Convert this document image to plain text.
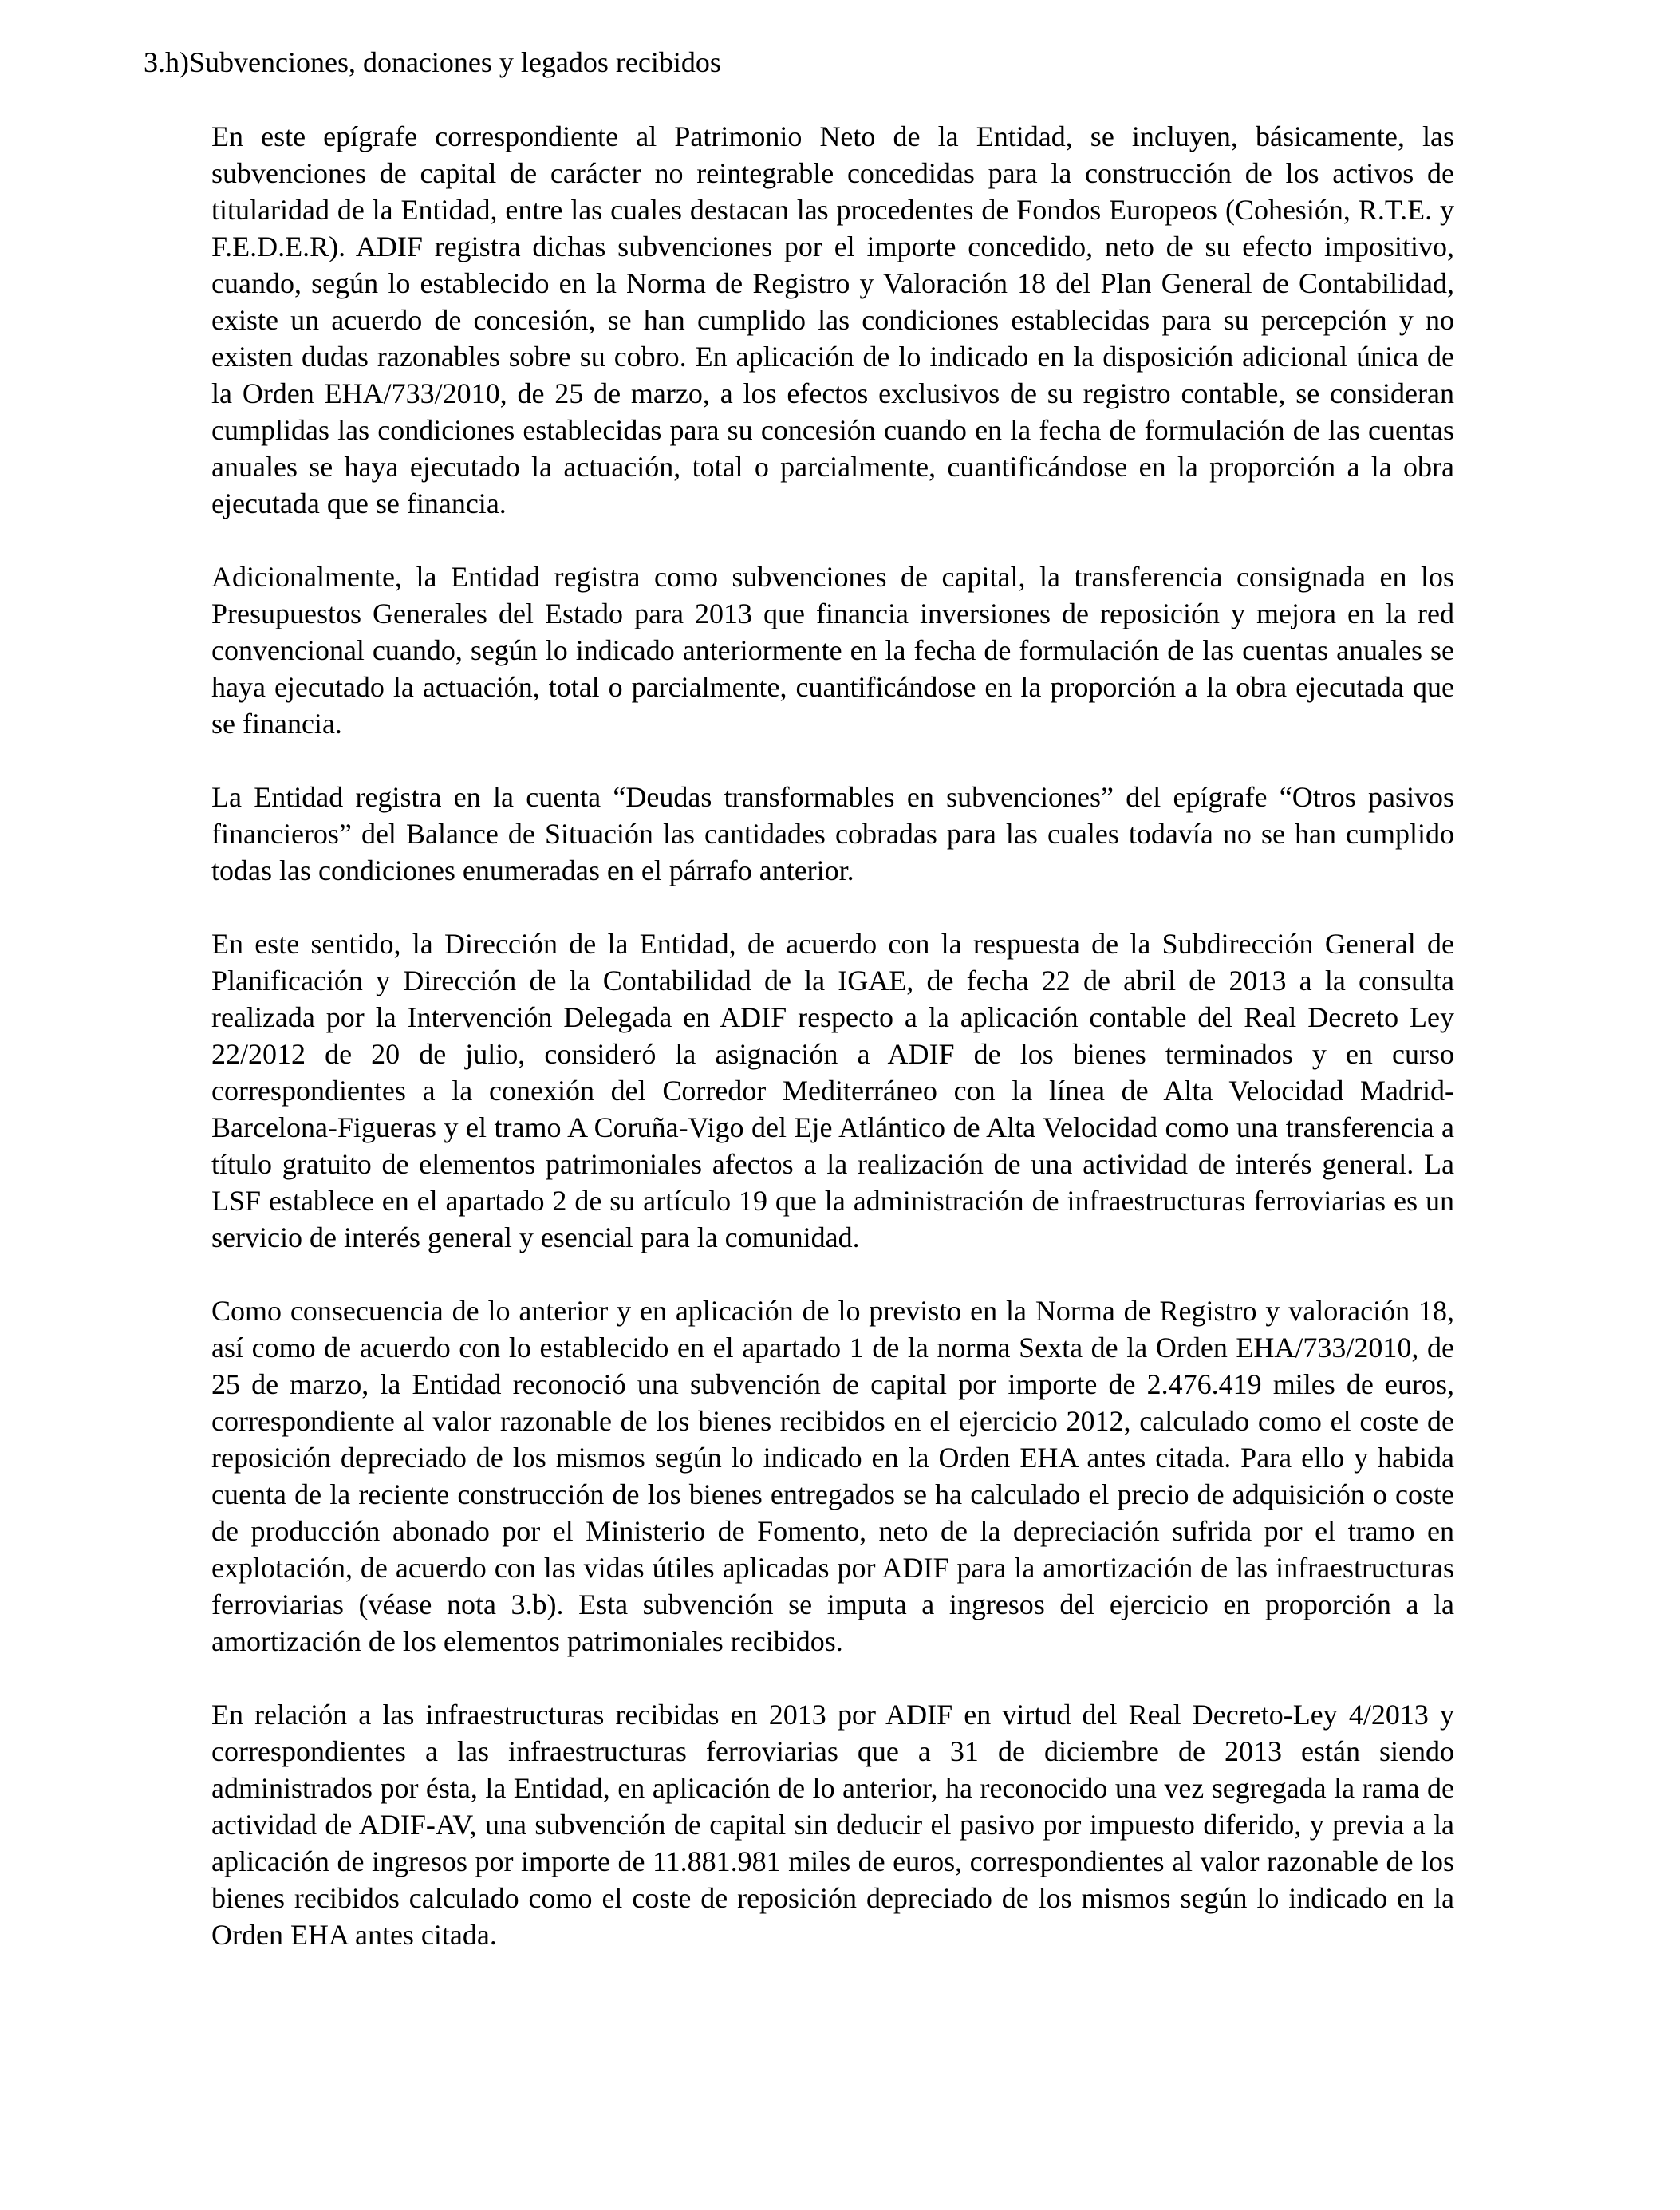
3.h)Subvenciones, donaciones y legados recibidos

En este epígrafe correspondiente al Patrimonio Neto de la Entidad, se incluyen, básicamente, las subvenciones de capital de carácter no reintegrable concedidas para la construcción de los activos de titularidad de la Entidad, entre las cuales destacan las procedentes de Fondos Europeos (Cohesión, R.T.E. y F.E.D.E.R). ADIF registra dichas subvenciones por el importe concedido, neto de su efecto impositivo, cuando, según lo establecido en la Norma de Registro y Valoración 18 del Plan General de Contabilidad, existe un acuerdo de concesión, se han cumplido las condiciones establecidas para su percepción y no existen dudas razonables sobre su cobro. En aplicación de lo indicado en la disposición adicional única de la Orden EHA/733/2010, de 25 de marzo, a los efectos exclusivos de su registro contable, se consideran cumplidas las condiciones establecidas para su concesión cuando en la fecha de formulación de las cuentas anuales se haya ejecutado la actuación, total o parcialmente, cuantificándose en la proporción a la obra ejecutada que se financia.

Adicionalmente, la Entidad registra como subvenciones de capital, la transferencia consignada en los Presupuestos Generales del Estado para 2013 que financia inversiones de reposición y mejora en la red convencional cuando, según lo indicado anteriormente en la fecha de formulación de las cuentas anuales se haya ejecutado la actuación, total o parcialmente, cuantificándose en la proporción a la obra ejecutada que se financia.

La Entidad registra en la cuenta “Deudas transformables en subvenciones” del epígrafe “Otros pasivos financieros” del Balance de Situación las cantidades cobradas para las cuales todavía no se han cumplido todas las condiciones enumeradas en el párrafo anterior.

En este sentido, la Dirección de la Entidad, de acuerdo con la respuesta de la Subdirección General de Planificación y Dirección de la Contabilidad de la IGAE, de fecha 22 de abril de 2013 a la consulta realizada por la Intervención Delegada en ADIF respecto a la aplicación contable del Real Decreto Ley 22/2012 de 20 de julio, consideró la asignación a ADIF de los bienes terminados y en curso correspondientes a la conexión del Corredor Mediterráneo con la línea de Alta Velocidad Madrid-Barcelona-Figueras y el tramo A Coruña-Vigo del Eje Atlántico de Alta Velocidad como una transferencia a título gratuito de elementos patrimoniales afectos a la realización de una actividad de interés general. La LSF establece en el apartado 2 de su artículo 19 que la administración de infraestructuras ferroviarias es un servicio de interés general y esencial para la comunidad.

Como consecuencia de lo anterior y en aplicación de lo previsto en la Norma de Registro y valoración 18, así como de acuerdo con lo establecido en el apartado 1 de la norma Sexta de la Orden EHA/733/2010, de 25 de marzo, la Entidad reconoció una subvención de capital por importe de 2.476.419 miles de euros, correspondiente al valor razonable de los bienes recibidos en el ejercicio 2012, calculado como el coste de reposición depreciado de los mismos según lo indicado en la Orden EHA antes citada. Para ello y habida cuenta de la reciente construcción de los bienes entregados se ha calculado el precio de adquisición o coste de producción abonado por el Ministerio de Fomento, neto de la depreciación sufrida por el tramo en explotación, de acuerdo con las vidas útiles aplicadas por ADIF para la amortización de las infraestructuras ferroviarias (véase nota 3.b). Esta subvención se imputa a ingresos del ejercicio en proporción a la amortización de los elementos patrimoniales recibidos.

En relación a las infraestructuras recibidas en 2013 por ADIF en virtud del Real Decreto-Ley 4/2013 y correspondientes a las infraestructuras ferroviarias que a 31 de diciembre de 2013 están siendo administrados por ésta, la Entidad, en aplicación de lo anterior, ha reconocido una vez segregada la rama de actividad de ADIF-AV, una subvención de capital sin deducir el pasivo por impuesto diferido, y previa a la aplicación de ingresos por importe de 11.881.981 miles de euros, correspondientes al valor razonable de los bienes recibidos calculado como el coste de reposición depreciado de los mismos según lo indicado en la Orden EHA antes citada.
